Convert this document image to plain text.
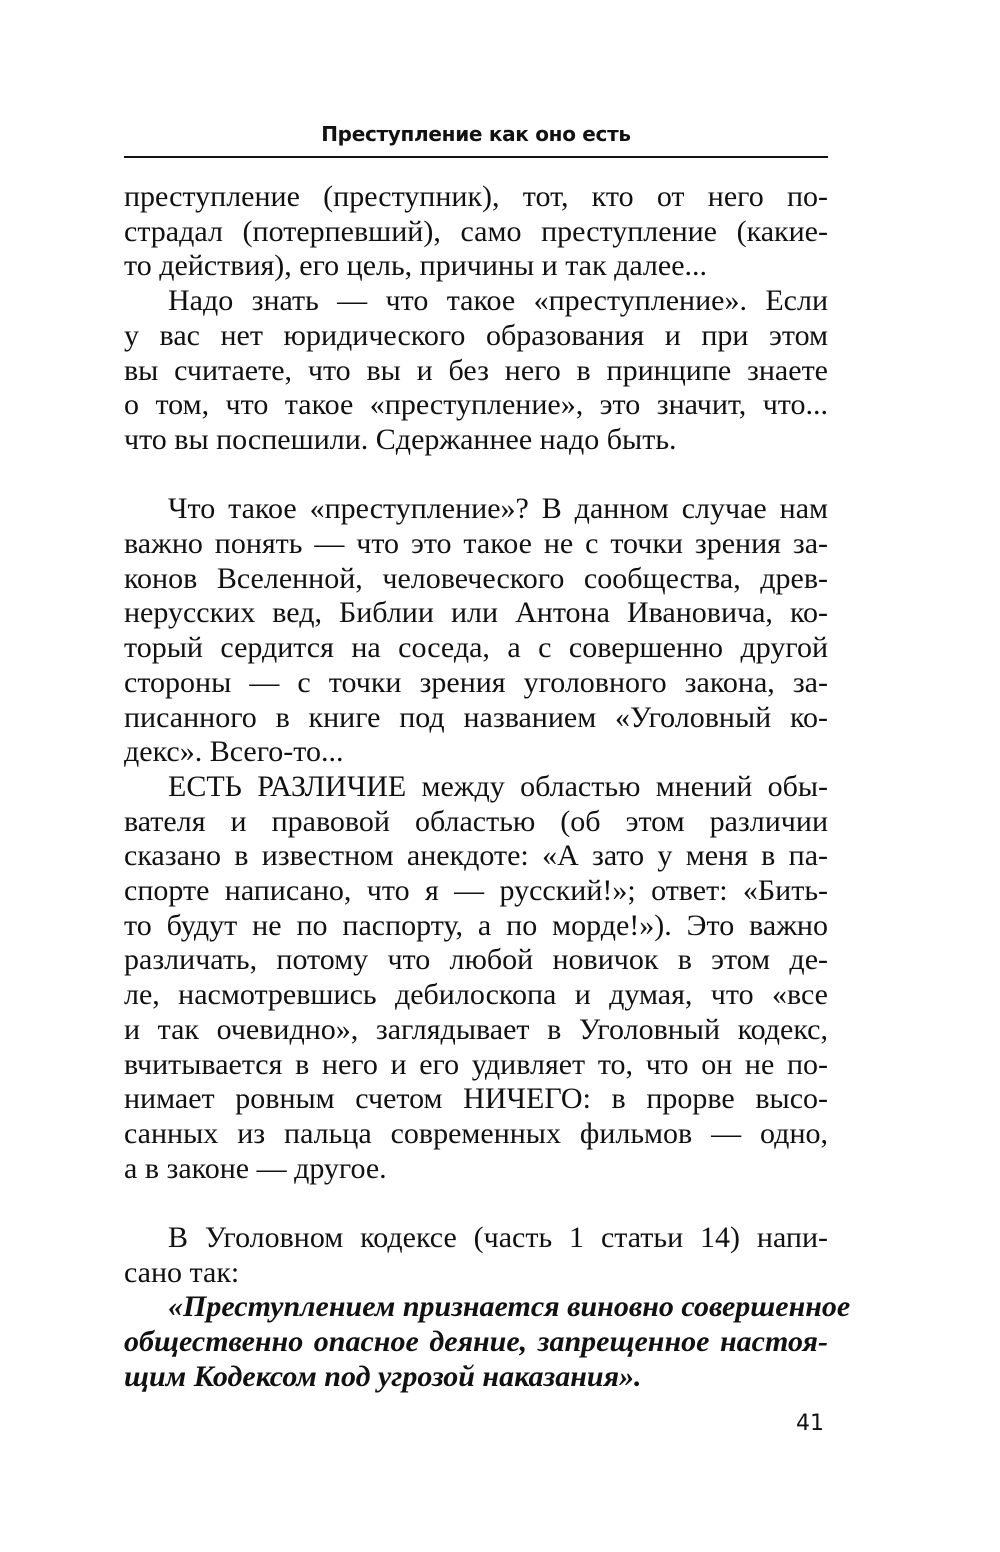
Преступление как оно есть
преступление (преступник), тот, кто от него по-
страдал (потерпевший), само преступление (какие-
то действия), его цель, причины и так далее...
Надо знать — что такое «преступление». Если
у вас нет юридического образования и при этом
вы считаете, что вы и без него в принципе знаете
о том, что такое «преступление», это значит, что...
что вы поспешили. Сдержаннее надо быть.
Что такое «преступление»? В данном случае нам
важно понять — что это такое не с точки зрения за-
конов Вселенной, человеческого сообщества, древ-
нерусских вед, Библии или Антона Ивановича, ко-
торый сердится на соседа, а с совершенно другой
стороны — с точки зрения уголовного закона, за-
писанного в книге под названием «Уголовный ко-
декс». Всего-то...
ЕСТЬ РАЗЛИЧИЕ между областью мнений обы-
вателя и правовой областью (об этом различии
сказано в известном анекдоте: «А зато у меня в па-
спорте написано, что я — русский!»; ответ: «Бить-
то будут не по паспорту, а по морде!»). Это важно
различать, потому что любой новичок в этом де-
ле, насмотревшись дебилоскопа и думая, что «все
и так очевидно», заглядывает в Уголовный кодекс,
вчитывается в него и его удивляет то, что он не по-
нимает ровным счетом НИЧЕГО: в прорве высо-
санных из пальца современных фильмов — одно,
а в законе — другое.
В Уголовном кодексе (часть 1 статьи 14) напи-
сано так:
«Преступлением признается виновно совершенное
общественно опасное деяние, запрещенное настоя-
щим Кодексом под угрозой наказания».
41
